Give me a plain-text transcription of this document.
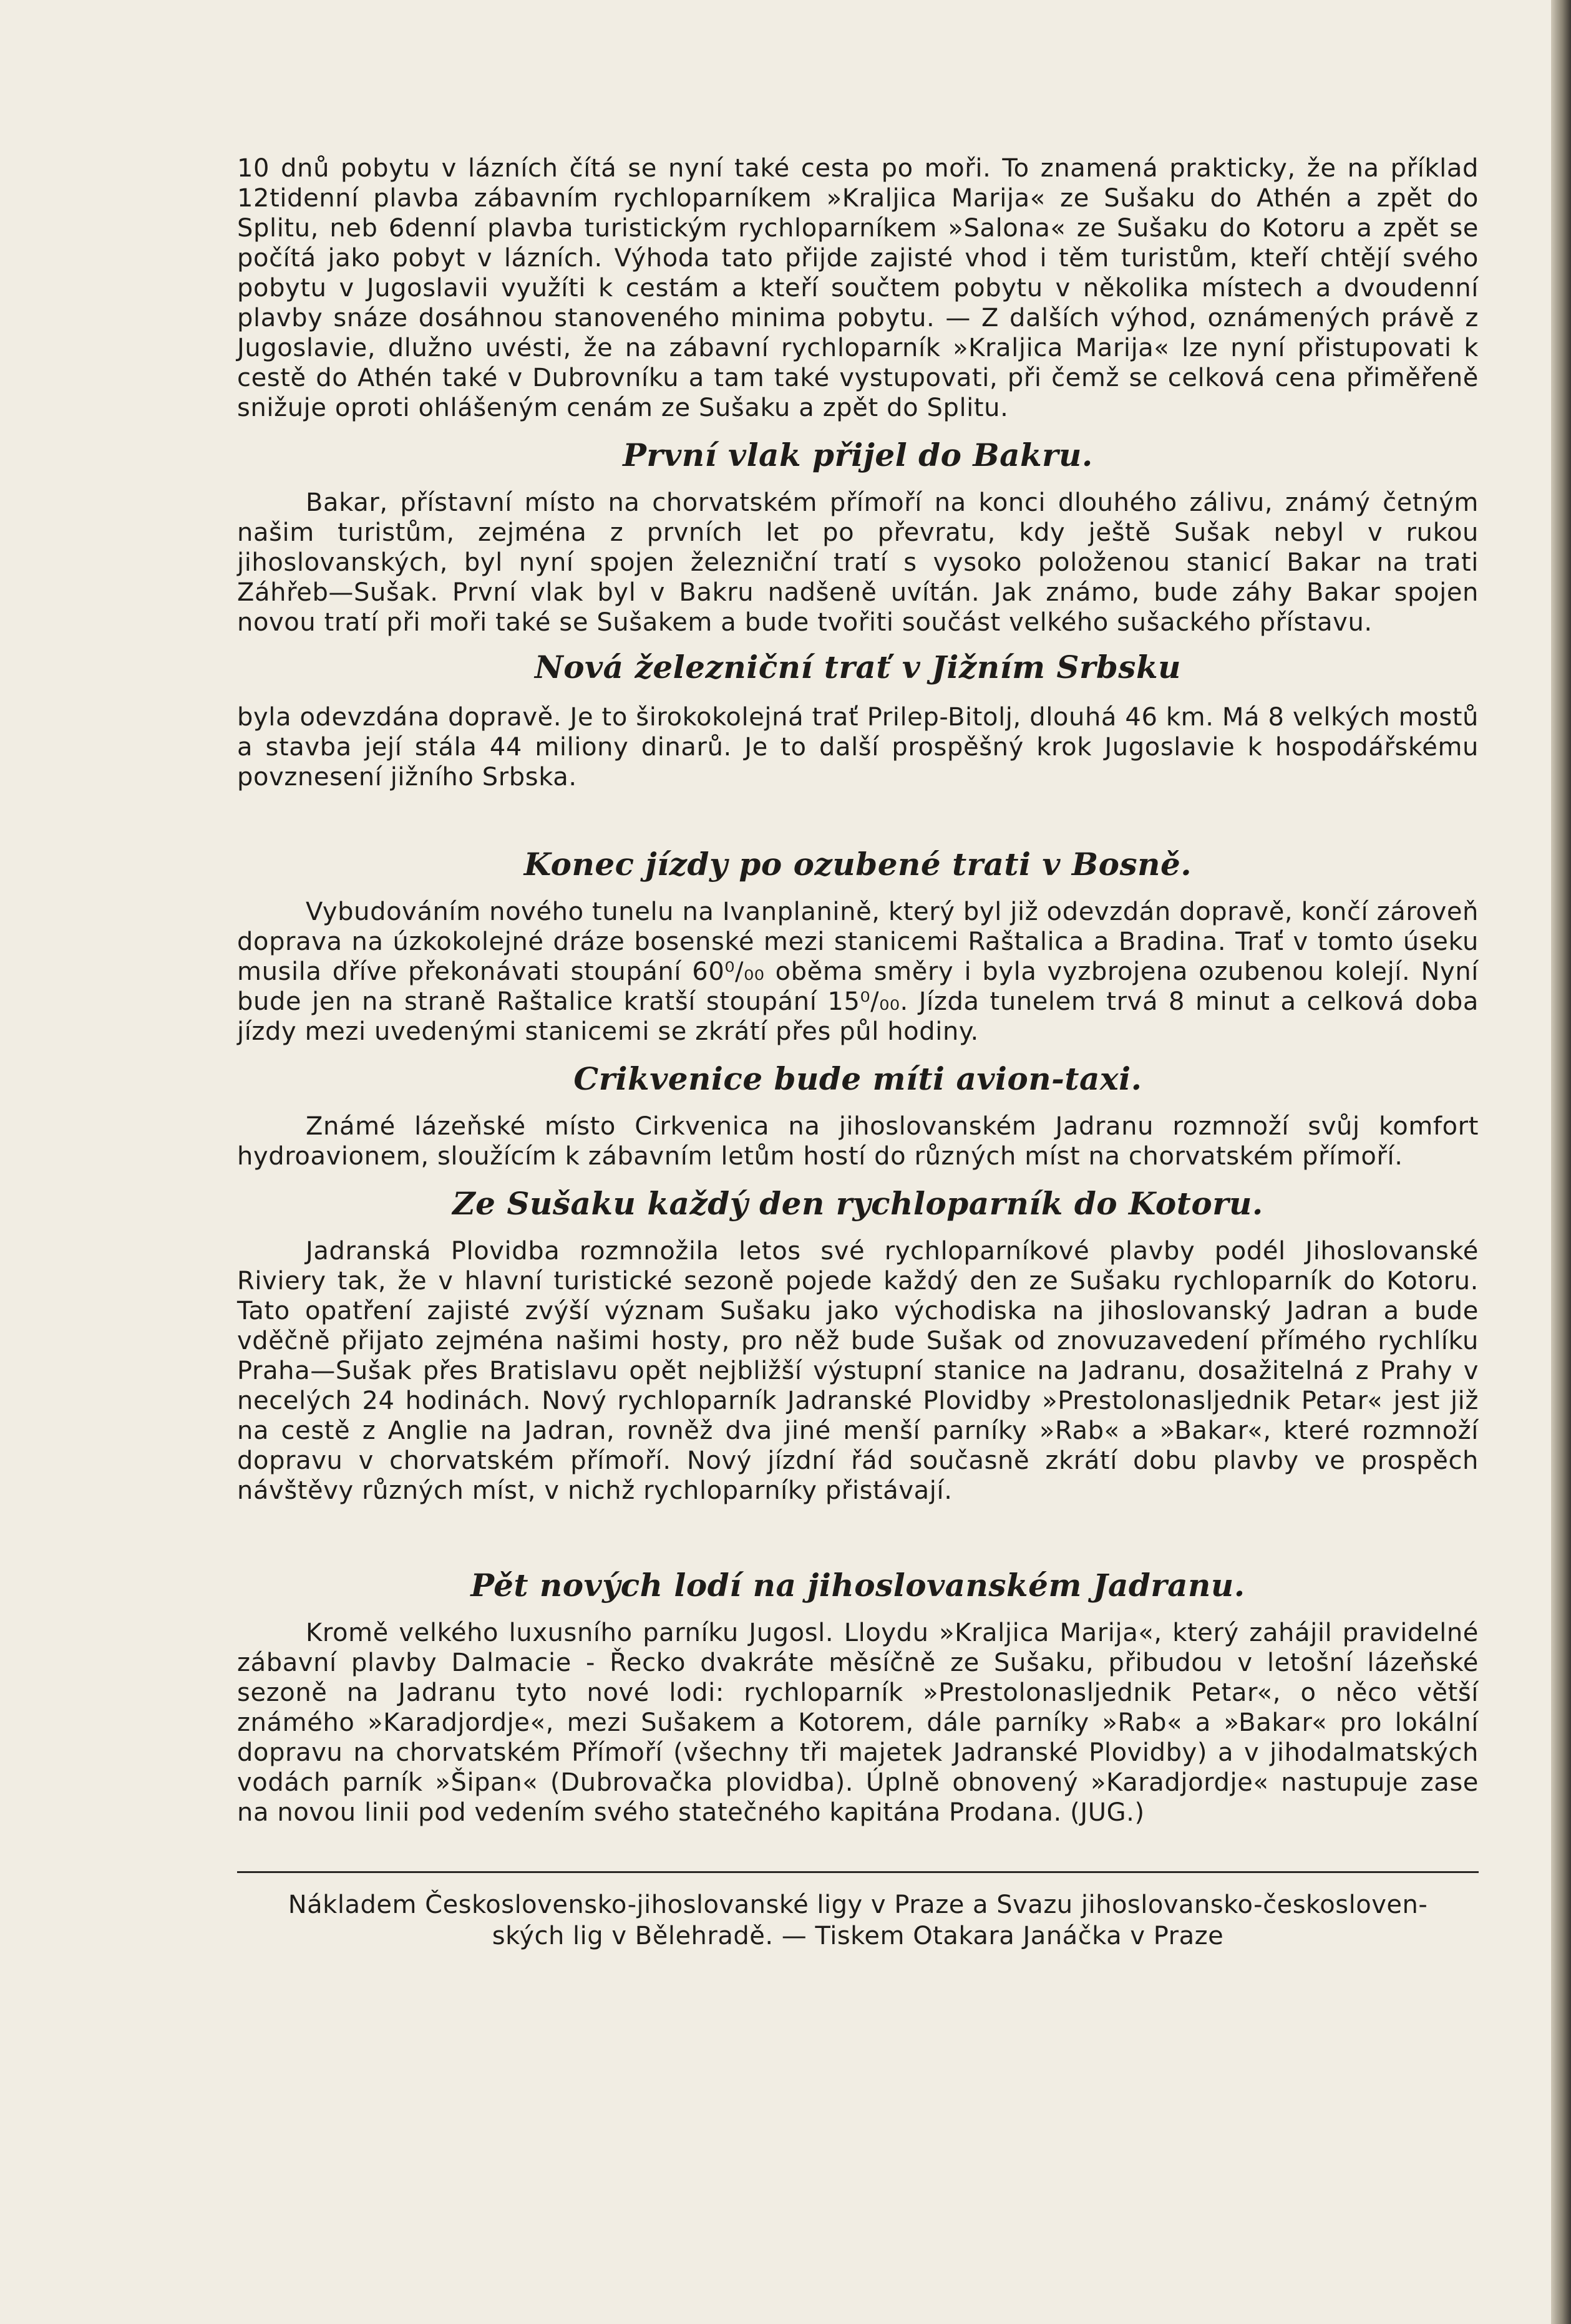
10 dnů pobytu v lázních čítá se nyní také cesta po moři. To znamená prakticky, že na příklad 12tidenní plavba zábavním rychloparníkem »Kraljica Marija« ze Sušaku do Athén a zpět do Splitu, neb 6denní plavba turistickým rychloparníkem »Salona« ze Sušaku do Kotoru a zpět se počítá jako pobyt v lázních. Výhoda tato přijde zajisté vhod i těm turistům, kteří chtějí svého pobytu v Jugoslavii využíti k cestám a kteří součtem pobytu v několika místech a dvoudenní plavby snáze dosáhnou stanoveného minima pobytu. — Z dalších výhod, oznámených právě z Jugoslavie, dlužno uvésti, že na zábavní rychloparník »Kraljica Marija« lze nyní přistupovati k cestě do Athén také v Dubrovníku a tam také vystupovati, při čemž se celková cena přiměřeně snižuje oproti ohlášeným cenám ze Sušaku a zpět do Splitu.

První vlak přijel do Bakru.

Bakar, přístavní místo na chorvatském přímoří na konci dlouhého zálivu, známý četným našim turistům, zejména z prvních let po převratu, kdy ještě Sušak nebyl v rukou jihoslovanských, byl nyní spojen železniční tratí s vysoko položenou stanicí Bakar na trati Záhřeb—Sušak. První vlak byl v Bakru nadšeně uvítán. Jak známo, bude záhy Bakar spojen novou tratí při moři také se Sušakem a bude tvořiti součást velkého sušackého přístavu.

Nová železniční trať v Jižním Srbsku

byla odevzdána dopravě. Je to širokokolejná trať Prilep-Bitolj, dlouhá 46 km. Má 8 velkých mostů a stavba její stála 44 miliony dinarů. Je to další prospěšný krok Jugoslavie k hospodářskému povznesení jižního Srbska.

Konec jízdy po ozubené trati v Bosně.

Vybudováním nového tunelu na Ivanplanině, který byl již odevzdán dopravě, končí zároveň doprava na úzkokolejné dráze bosenské mezi stanicemi Raštalica a Bradina. Trať v tomto úseku musila dříve překonávati stoupání 60⁰/₀₀ oběma směry i byla vyzbrojena ozubenou kolejí. Nyní bude jen na straně Raštalice kratší stoupání 15⁰/₀₀. Jízda tunelem trvá 8 minut a celková doba jízdy mezi uvedenými stanicemi se zkrátí přes půl hodiny.

Crikvenice bude míti avion-taxi.

Známé lázeňské místo Cirkvenica na jihoslovanském Jadranu rozmnoží svůj komfort hydroavionem, sloužícím k zábavním letům hostí do různých míst na chorvatském přímoří.

Ze Sušaku každý den rychloparník do Kotoru.

Jadranská Plovidba rozmnožila letos své rychloparníkové plavby podél Jihoslovanské Riviery tak, že v hlavní turistické sezoně pojede každý den ze Sušaku rychloparník do Kotoru. Tato opatření zajisté zvýší význam Sušaku jako východiska na jihoslovanský Jadran a bude vděčně přijato zejména našimi hosty, pro něž bude Sušak od znovuzavedení přímého rychlíku Praha—Sušak přes Bratislavu opět nejbližší výstupní stanice na Jadranu, dosažitelná z Prahy v necelých 24 hodinách. Nový rychloparník Jadranské Plovidby »Prestolonasljednik Petar« jest již na cestě z Anglie na Jadran, rovněž dva jiné menší parníky »Rab« a »Bakar«, které rozmnoží dopravu v chorvatském přímoří. Nový jízdní řád současně zkrátí dobu plavby ve prospěch návštěvy různých míst, v nichž rychloparníky přistávají.

Pět nových lodí na jihoslovanském Jadranu.

Kromě velkého luxusního parníku Jugosl. Lloydu »Kraljica Marija«, který zahájil pravidelné zábavní plavby Dalmacie - Řecko dvakráte měsíčně ze Sušaku, přibudou v letošní lázeňské sezoně na Jadranu tyto nové lodi: rychloparník »Prestolonasljednik Petar«, o něco větší známého »Karadjordje«, mezi Sušakem a Kotorem, dále parníky »Rab« a »Bakar« pro lokální dopravu na chorvatském Přímoří (všechny tři majetek Jadranské Plovidby) a v jihodalmatských vodách parník »Šipan« (Dubrovačka plovidba). Úplně obnovený »Karadjordje« nastupuje zase na novou linii pod vedením svého statečného kapitána Prodana. (JUG.)

Nákladem Československo-jihoslovanské ligy v Praze a Svazu jihoslovansko-českosloven-

ských lig v Bělehradě. — Tiskem Otakara Janáčka v Praze
